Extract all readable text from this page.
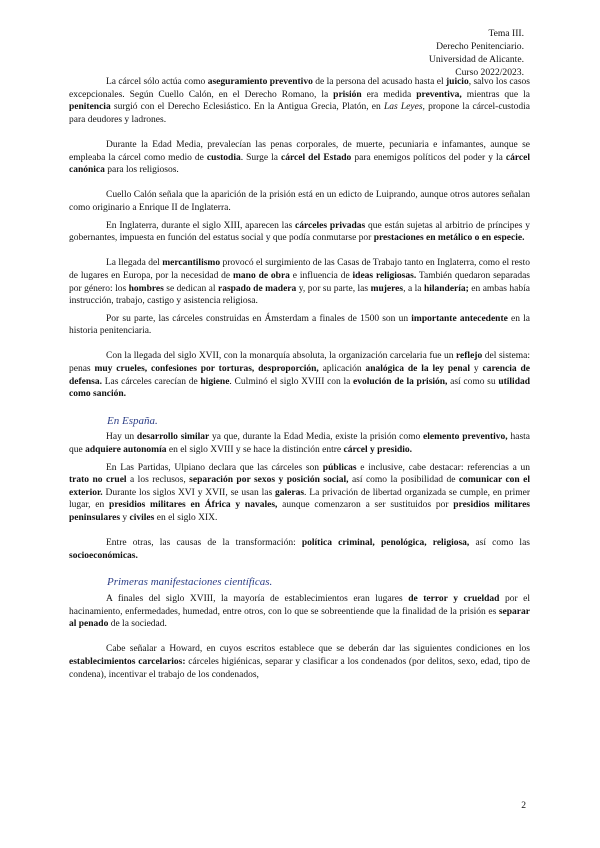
Tema III.
Derecho Penitenciario.
Universidad de Alicante.
Curso 2022/2023.

La cárcel sólo actúa como aseguramiento preventivo de la persona del acusado hasta el juicio, salvo los casos excepcionales. Según Cuello Calón, en el Derecho Romano, la prisión era medida preventiva, mientras que la penitencia surgió con el Derecho Eclesiástico. En la Antigua Grecia, Platón, en Las Leyes, propone la cárcel-custodia para deudores y ladrones.

Durante la Edad Media, prevalecían las penas corporales, de muerte, pecuniaria e infamantes, aunque se empleaba la cárcel como medio de custodia. Surge la cárcel del Estado para enemigos políticos del poder y la cárcel canónica para los religiosos.

Cuello Calón señala que la aparición de la prisión está en un edicto de Luiprando, aunque otros autores señalan como originario a Enrique II de Inglaterra.

En Inglaterra, durante el siglo XIII, aparecen las cárceles privadas que están sujetas al arbitrio de príncipes y gobernantes, impuesta en función del estatus social y que podía conmutarse por prestaciones en metálico o en especie.

La llegada del mercantilismo provocó el surgimiento de las Casas de Trabajo tanto en Inglaterra, como el resto de lugares en Europa, por la necesidad de mano de obra e influencia de ideas religiosas. También quedaron separadas por género: los hombres se dedican al raspado de madera y, por su parte, las mujeres, a la hilandería; en ambas había instrucción, trabajo, castigo y asistencia religiosa.

Por su parte, las cárceles construidas en Ámsterdam a finales de 1500 son un importante antecedente en la historia penitenciaria.

Con la llegada del siglo XVII, con la monarquía absoluta, la organización carcelaria fue un reflejo del sistema: penas muy crueles, confesiones por torturas, desproporción, aplicación analógica de la ley penal y carencia de defensa. Las cárceles carecían de higiene. Culminó el siglo XVIII con la evolución de la prisión, así como su utilidad como sanción.

En España.

Hay un desarrollo similar ya que, durante la Edad Media, existe la prisión como elemento preventivo, hasta que adquiere autonomía en el siglo XVIII y se hace la distinción entre cárcel y presidio.

En Las Partidas, Ulpiano declara que las cárceles son públicas e inclusive, cabe destacar: referencias a un trato no cruel a los reclusos, separación por sexos y posición social, así como la posibilidad de comunicar con el exterior. Durante los siglos XVI y XVII, se usan las galeras. La privación de libertad organizada se cumple, en primer lugar, en presidios militares en África y navales, aunque comenzaron a ser sustituidos por presidios militares peninsulares y civiles en el siglo XIX.

Entre otras, las causas de la transformación: política criminal, penológica, religiosa, así como las socioeconómicas.

Primeras manifestaciones científicas.

A finales del siglo XVIII, la mayoría de establecimientos eran lugares de terror y crueldad por el hacinamiento, enfermedades, humedad, entre otros, con lo que se sobreentiende que la finalidad de la prisión es separar al penado de la sociedad.

Cabe señalar a Howard, en cuyos escritos establece que se deberán dar las siguientes condiciones en los establecimientos carcelarios: cárceles higiénicas, separar y clasificar a los condenados (por delitos, sexo, edad, tipo de condena), incentivar el trabajo de los condenados,

2
